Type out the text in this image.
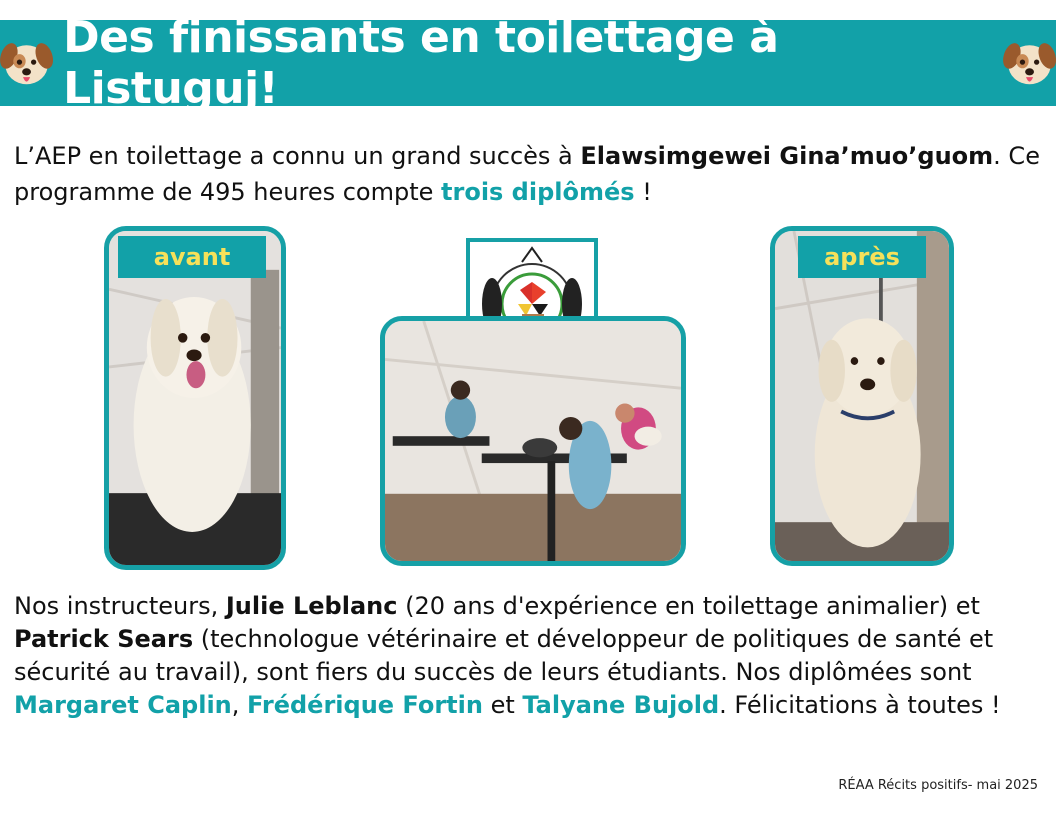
Des finissants en toilettage à Listuguj!
L’AEP en toilettage a connu un grand succès à Elawsimgewei Gina’muo’guom. Ce programme de 495 heures compte trois diplômés !
avant	après
Nos instructeurs, Julie Leblanc (20 ans d'expérience en toilettage animalier) et Patrick Sears (technologue vétérinaire et développeur de politiques de santé et sécurité au travail), sont fiers du succès de leurs étudiants. Nos diplômées sont Margaret Caplin, Frédérique Fortin et Talyane Bujold. Félicitations à toutes !
RÉAA Récits positifs- mai 2025
